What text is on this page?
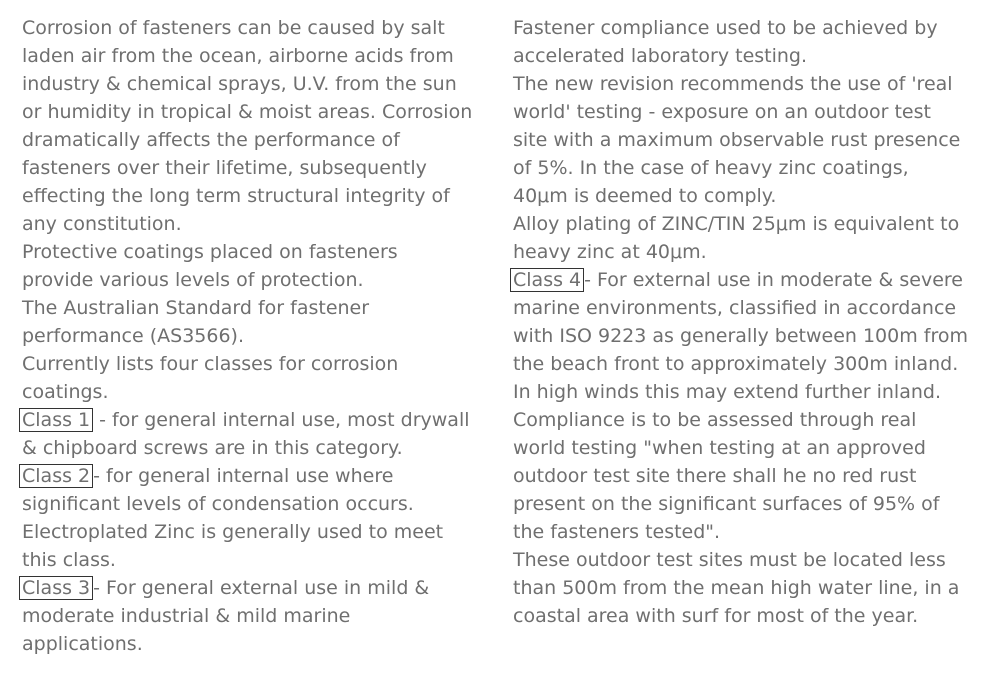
Corrosion of fasteners can be caused by salt
laden air from the ocean, airborne acids from
industry & chemical sprays, U.V. from the sun
or humidity in tropical & moist areas. Corrosion
dramatically affects the performance of
fasteners over their lifetime, subsequently
effecting the long term structural integrity of
any constitution.
Protective coatings placed on fasteners
provide various levels of protection.
The Australian Standard for fastener
performance (AS3566).
Currently lists four classes for corrosion
coatings.
Class 1 - for general internal use, most drywall
& chipboard screws are in this category.
Class 2 - for general internal use where
significant levels of condensation occurs.
Electroplated Zinc is generally used to meet
this class.
Class 3 - For general external use in mild &
moderate industrial & mild marine
applications.
Fastener compliance used to be achieved by
accelerated laboratory testing.
The new revision recommends the use of 'real
world' testing - exposure on an outdoor test
site with a maximum observable rust presence
of 5%. In the case of heavy zinc coatings,
40μm is deemed to comply.
Alloy plating of ZINC/TIN 25μm is equivalent to
heavy zinc at 40μm.
Class 4 - For external use in moderate & severe
marine environments, classified in accordance
with ISO 9223 as generally between 100m from
the beach front to approximately 300m inland.
In high winds this may extend further inland.
Compliance is to be assessed through real
world testing "when testing at an approved
outdoor test site there shall he no red rust
present on the significant surfaces of 95% of
the fasteners tested".
These outdoor test sites must be located less
than 500m from the mean high water line, in a
coastal area with surf for most of the year.
